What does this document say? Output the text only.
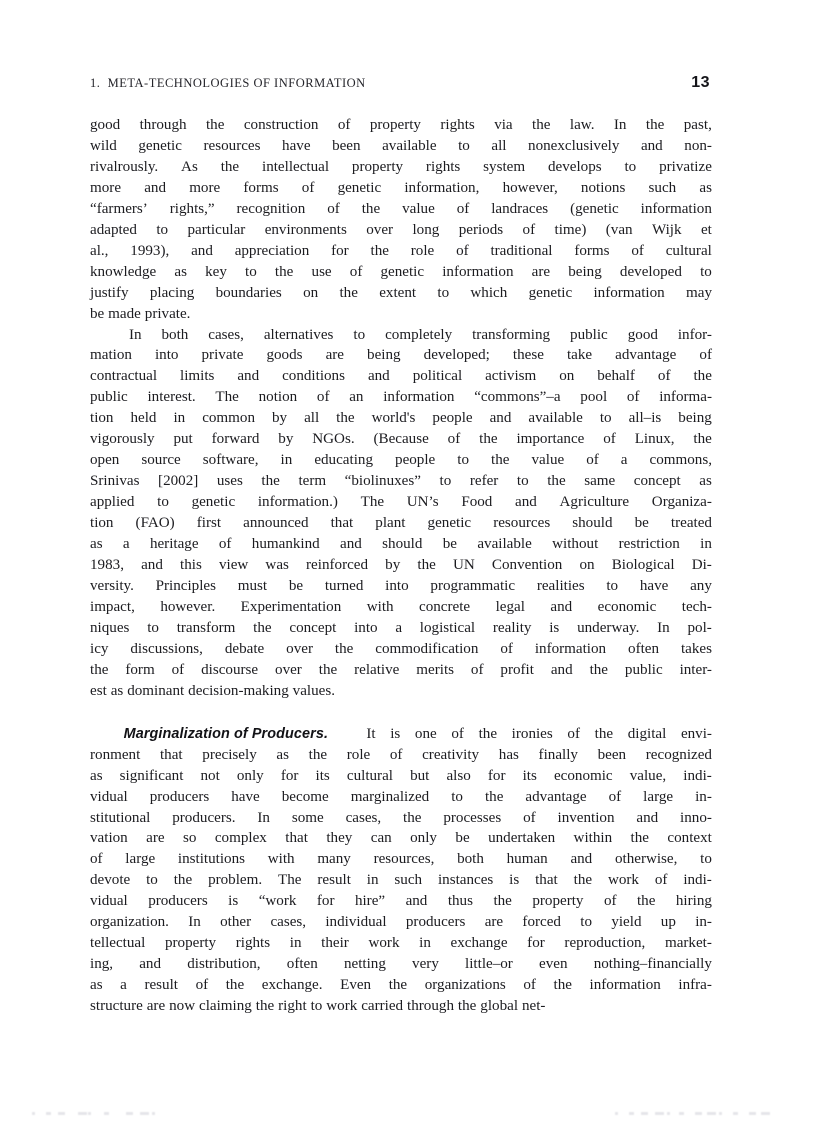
1.  META-TECHNOLOGIES OF INFORMATION	13

good through the construction of property rights via the law. In the past,
wild genetic resources have been available to all nonexclusively and non-
rivalrously. As the intellectual property rights system develops to privatize
more and more forms of genetic information, however, notions such as
“farmers’ rights,” recognition of the value of landraces (genetic information
adapted to particular environments over long periods of time) (van Wijk et
al., 1993), and appreciation for the role of traditional forms of cultural
knowledge as key to the use of genetic information are being developed to
justify placing boundaries on the extent to which genetic information may
be made private.

In both cases, alternatives to completely transforming public good infor-
mation into private goods are being developed; these take advantage of
contractual limits and conditions and political activism on behalf of the
public interest. The notion of an information “commons”–a pool of informa-
tion held in common by all the world's people and available to all–is being
vigorously put forward by NGOs. (Because of the importance of Linux, the
open source software, in educating people to the value of a commons,
Srinivas [2002] uses the term “biolinuxes” to refer to the same concept as
applied to genetic information.) The UN’s Food and Agriculture Organiza-
tion (FAO) first announced that plant genetic resources should be treated
as a heritage of humankind and should be available without restriction in
1983, and this view was reinforced by the UN Convention on Biological Di-
versity. Principles must be turned into programmatic realities to have any
impact, however. Experimentation with concrete legal and economic tech-
niques to transform the concept into a logistical reality is underway. In pol-
icy discussions, debate over the commodification of information often takes
the form of discourse over the relative merits of profit and the public inter-
est as dominant decision-making values.

Marginalization of Producers.	It is one of the ironies of the digital envi-
ronment that precisely as the role of creativity has finally been recognized
as significant not only for its cultural but also for its economic value, indi-
vidual producers have become marginalized to the advantage of large in-
stitutional producers. In some cases, the processes of invention and inno-
vation are so complex that they can only be undertaken within the context
of large institutions with many resources, both human and otherwise, to
devote to the problem. The result in such instances is that the work of indi-
vidual producers is “work for hire” and thus the property of the hiring
organization. In other cases, individual producers are forced to yield up in-
tellectual property rights in their work in exchange for reproduction, market-
ing, and distribution, often netting very little–or even nothing–financially
as a result of the exchange. Even the organizations of the information infra-
structure are now claiming the right to work carried through the global net-
